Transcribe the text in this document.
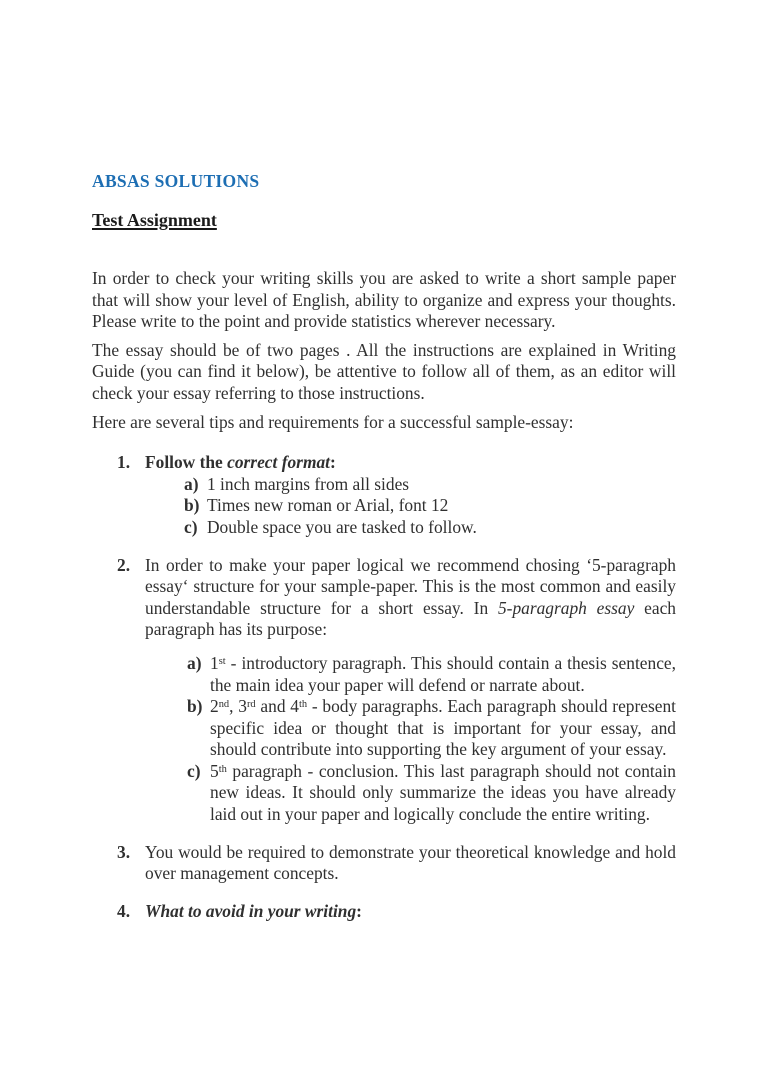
ABSAS SOLUTIONS
Test Assignment

In order to check your writing skills you are asked to write a short sample paper that will show your level of English, ability to organize and express your thoughts. Please write to the point and provide statistics wherever necessary.

The essay should be of two pages . All the instructions are explained in Writing Guide (you can find it below), be attentive to follow all of them, as an editor will check your essay referring to those instructions.

Here are several tips and requirements for a successful sample-essay:

1. Follow the correct format:
a) 1 inch margins from all sides
b) Times new roman or Arial, font 12
c) Double space you are tasked to follow.
2. In order to make your paper logical we recommend chosing ‘5-paragraph essay‘ structure for your sample-paper. This is the most common and easily understandable structure for a short essay. In 5-paragraph essay each paragraph has its purpose:
a) 1st - introductory paragraph. This should contain a thesis sentence, the main idea your paper will defend or narrate about.
b) 2nd, 3rd and 4th - body paragraphs. Each paragraph should represent specific idea or thought that is important for your essay, and should contribute into supporting the key argument of your essay.
c) 5th paragraph - conclusion. This last paragraph should not contain new ideas. It should only summarize the ideas you have already laid out in your paper and logically conclude the entire writing.
3. You would be required to demonstrate your theoretical knowledge and hold over management concepts.
4. What to avoid in your writing:
